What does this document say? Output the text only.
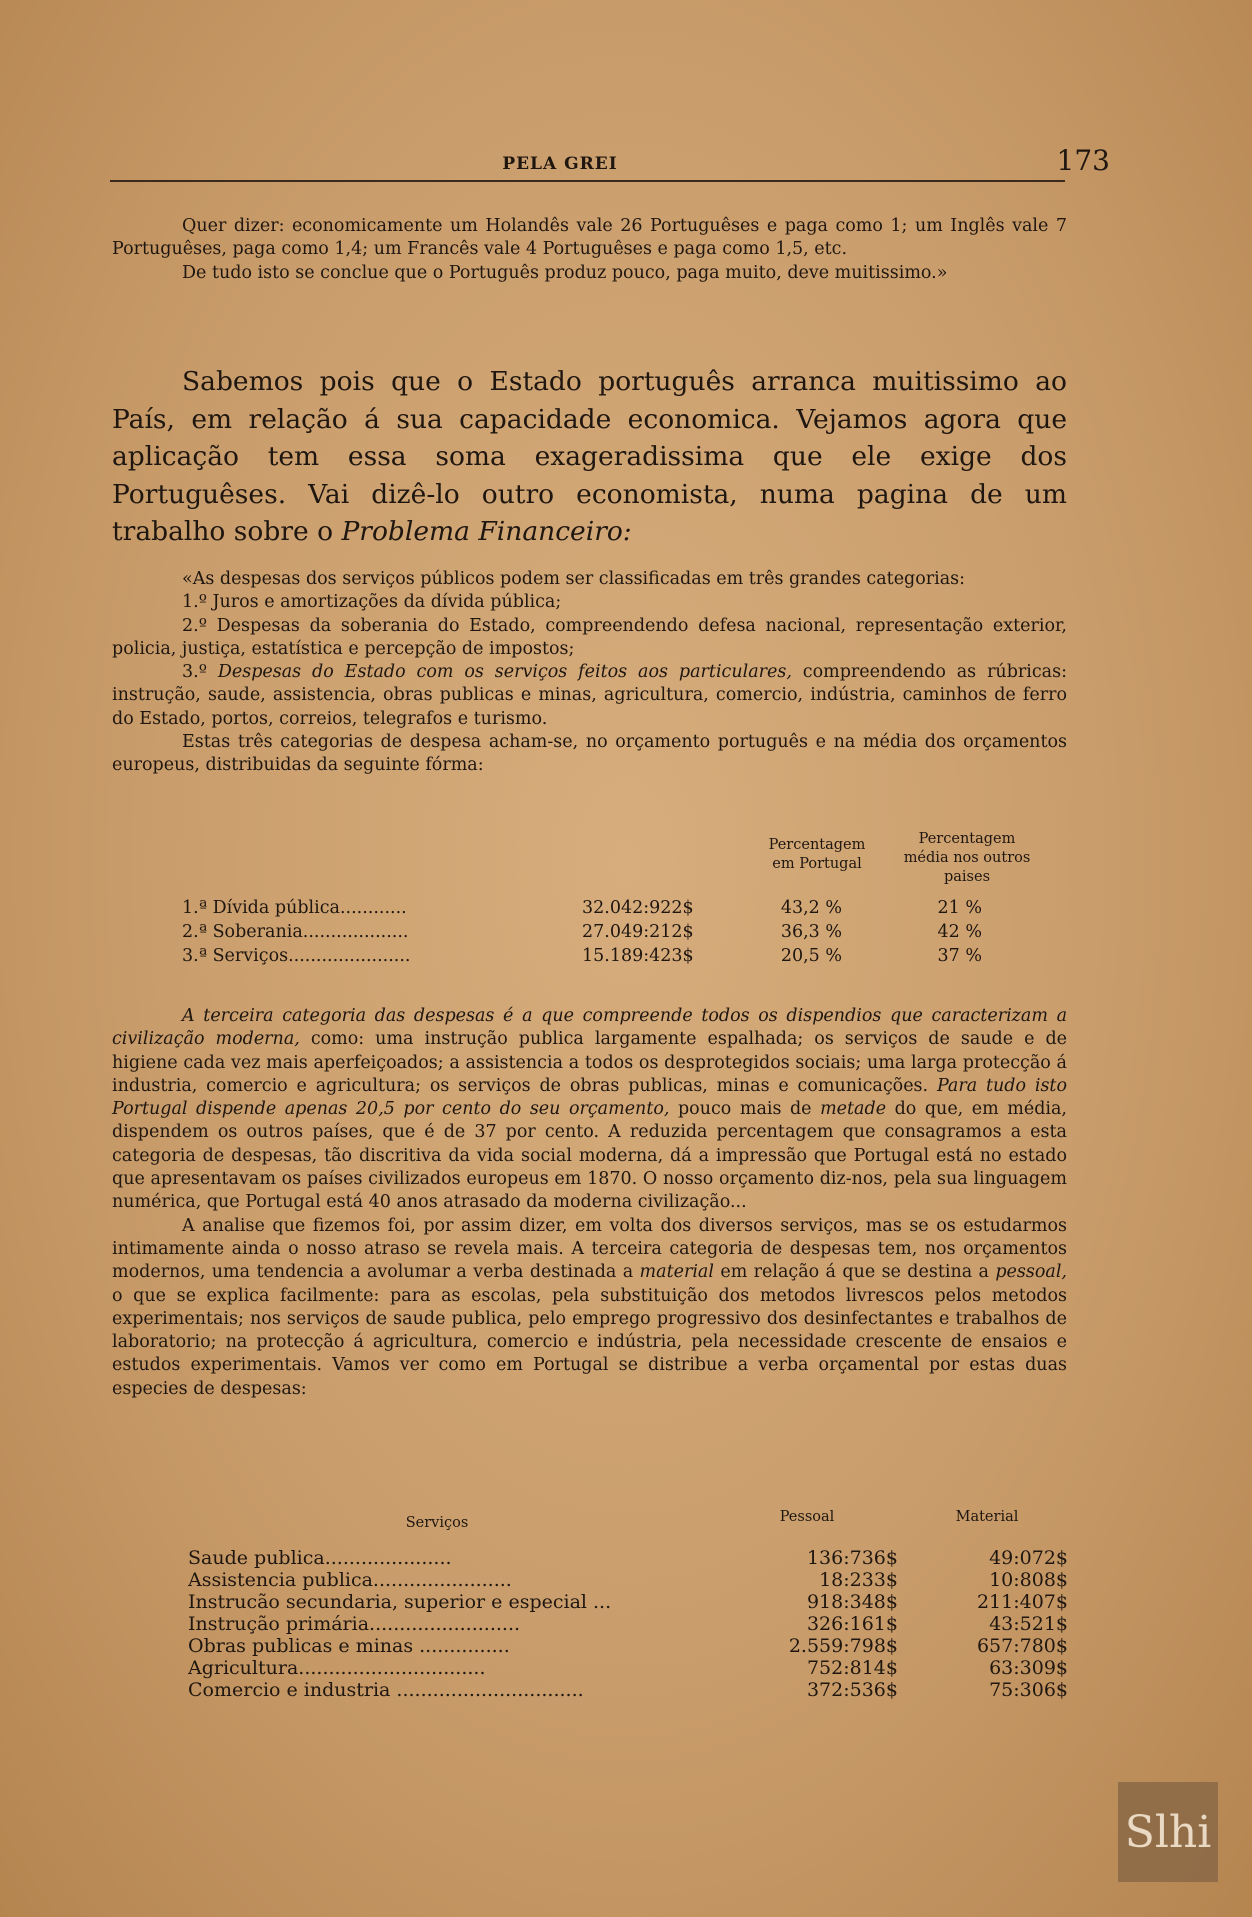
PELA GREI	173

Quer dizer: economicamente um Holandês vale 26 Portuguêses e paga como 1; um Inglês vale 7 Portuguêses, paga como 1,4; um Francês vale 4 Portuguêses e paga como 1,5, etc.

De tudo isto se conclue que o Português produz pouco, paga muito, deve muitissimo.»

Sabemos pois que o Estado português arranca muitissimo ao País, em relação á sua capacidade economica. Vejamos agora que aplicação tem essa soma exageradissima que ele exige dos Portuguêses. Vai dizê-lo outro economista, numa pagina de um trabalho sobre o Problema Financeiro:

«As despesas dos serviços públicos podem ser classificadas em três grandes categorias:

1.º Juros e amortizações da dívida pública;

2.º Despesas da soberania do Estado, compreendendo defesa nacional, representação exterior, policia, justiça, estatística e percepção de impostos;

3.º Despesas do Estado com os serviços feitos aos particulares, compreendendo as rúbricas: instrução, saude, assistencia, obras publicas e minas, agricultura, comercio, indústria, caminhos de ferro do Estado, portos, correios, telegrafos e turismo.

Estas três categorias de despesa acham-se, no orçamento português e na média dos orçamentos europeus, distribuidas da seguinte fórma:

Percentagem em Portugal
Percentagem média nos outros paises
1.ª Dívida pública............	32.042:922$	43,2 %	21 %
2.ª Soberania...................	27.049:212$	36,3 %	42 %
3.ª Serviços......................	15.189:423$	20,5 %	37 %

A terceira categoria das despesas é a que compreende todos os dispendios que caracterizam a civilização moderna, como: uma instrução publica largamente espalhada; os serviços de saude e de higiene cada vez mais aperfeiçoados; a assistencia a todos os desprotegidos sociais; uma larga protecção á industria, comercio e agricultura; os serviços de obras publicas, minas e comunicações. Para tudo isto Portugal dispende apenas 20,5 por cento do seu orçamento, pouco mais de metade do que, em média, dispendem os outros países, que é de 37 por cento. A reduzida percentagem que consagramos a esta categoria de despesas, tão discritiva da vida social moderna, dá a impressão que Portugal está no estado que apresentavam os países civilizados europeus em 1870. O nosso orçamento diz-nos, pela sua linguagem numérica, que Portugal está 40 anos atrasado da moderna civilização...

A analise que fizemos foi, por assim dizer, em volta dos diversos serviços, mas se os estudarmos intimamente ainda o nosso atraso se revela mais. A terceira categoria de despesas tem, nos orçamentos modernos, uma tendencia a avolumar a verba destinada a material em relação á que se destina a pessoal, o que se explica facilmente: para as escolas, pela substituição dos metodos livrescos pelos metodos experimentais; nos serviços de saude publica, pelo emprego progressivo dos desinfectantes e trabalhos de laboratorio; na protecção á agricultura, comercio e indústria, pela necessidade crescente de ensaios e estudos experimentais. Vamos ver como em Portugal se distribue a verba orçamental por estas duas especies de despesas:

Serviços	Pessoal	Material
Saude publica.....................	136:736$	49:072$
Assistencia publica.......................	18:233$	10:808$
Instrucão secundaria, superior e especial ...	918:348$	211:407$
Instrução primária.........................	326:161$	43:521$
Obras publicas e minas ...............	2.559:798$	657:780$
Agricultura...............................	752:814$	63:309$
Comercio e industria ...............................	372:536$	75:306$
Slhi
